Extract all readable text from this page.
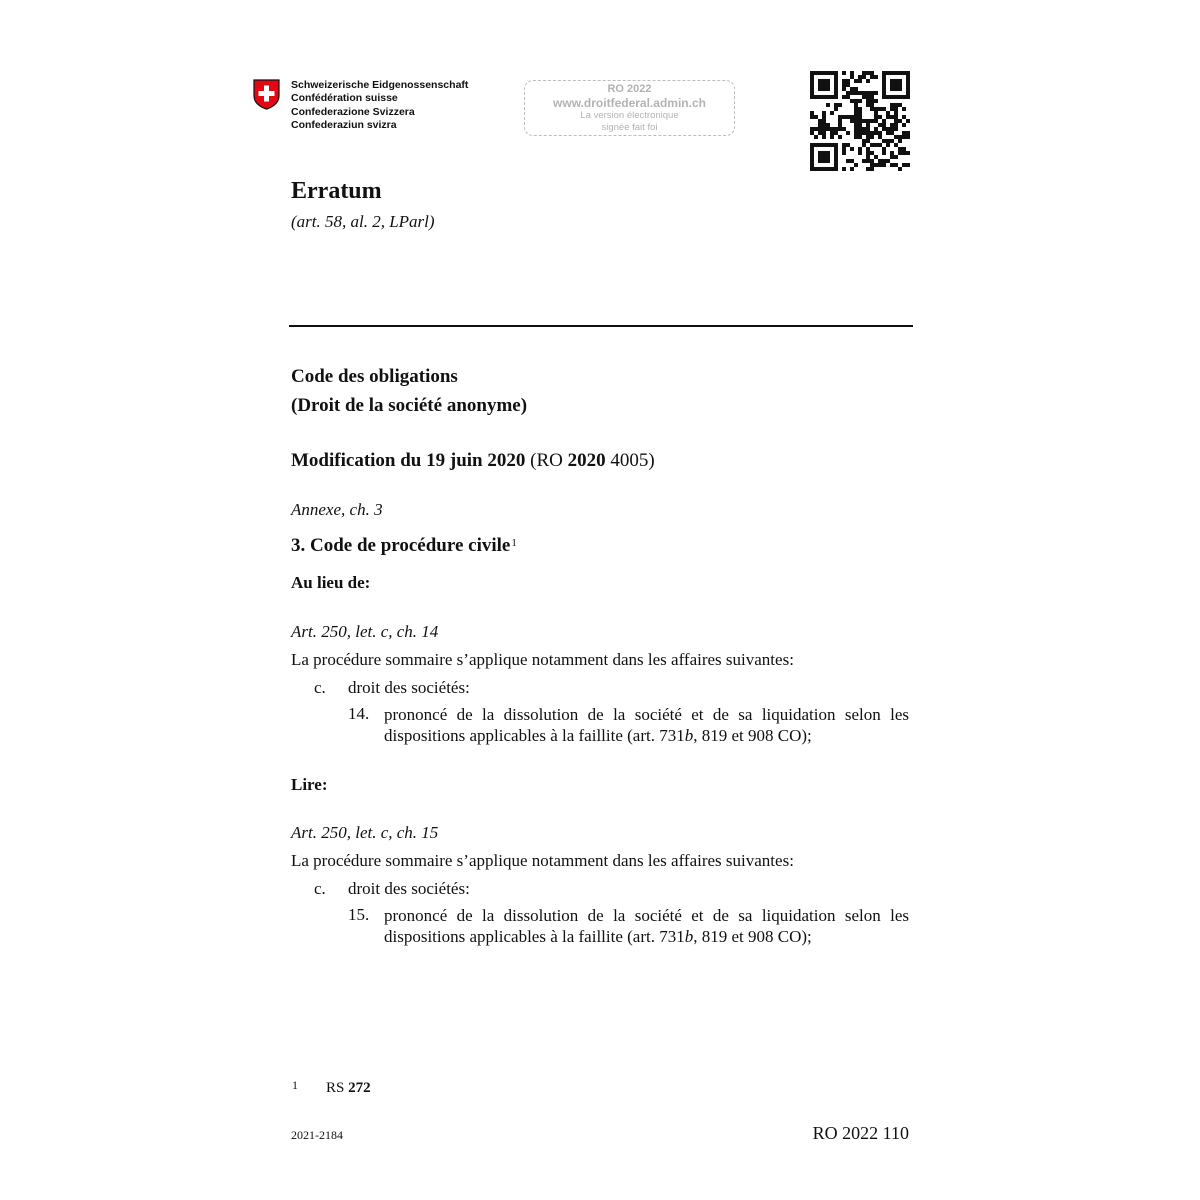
Schweizerische Eidgenossenschaft
Confédération suisse
Confederazione Svizzera
Confederaziun svizra
RO 2022
www.droitfederal.admin.ch
La version électronique
signée fait foi
Erratum
(art. 58, al. 2, LParl)
Code des obligations
(Droit de la société anonyme)
Modification du 19 juin 2020 (RO 2020 4005)
Annexe, ch. 3
3. Code de procédure civile$^1$
Au lieu de:
Art. 250, let. c, ch. 14
La procédure sommaire s’applique notamment dans les affaires suivantes:
c. droit des sociétés:
14. prononcé de la dissolution de la société et de sa liquidation selon les dispositions applicables à la faillite (art. 731b, 819 et 908 CO);
Lire:
Art. 250, let. c, ch. 15
La procédure sommaire s’applique notamment dans les affaires suivantes:
c. droit des sociétés:
15. prononcé de la dissolution de la société et de sa liquidation selon les dispositions applicables à la faillite (art. 731b, 819 et 908 CO);
1 RS 272
2021-2184	RO 2022 110
